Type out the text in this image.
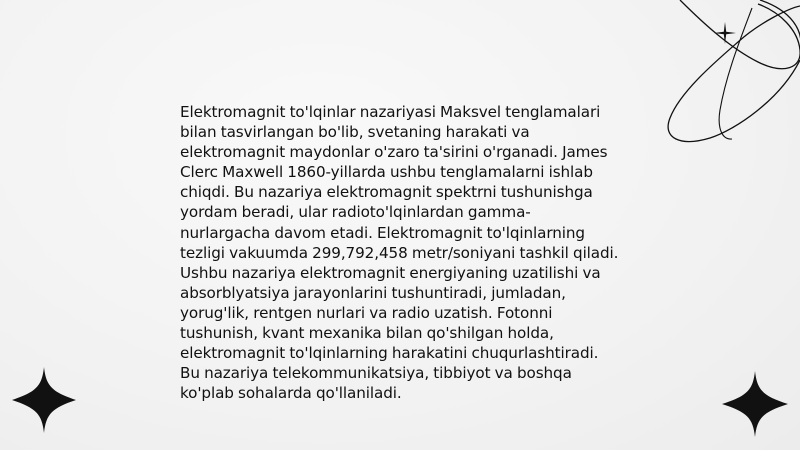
Elektromagnit to'lqinlar nazariyasi Maksvel tenglamalari bilan tasvirlangan bo'lib, svetaning harakati va elektromagnit maydonlar o'zaro ta'sirini o'rganadi. James Clerc Maxwell 1860-yillarda ushbu tenglamalarni ishlab chiqdi. Bu nazariya elektromagnit spektrni tushunishga yordam beradi, ular radioto'lqinlardan gamma-nurlargacha davom etadi. Elektromagnit to'lqinlarning tezligi vakuumda 299,792,458 metr/soniyani tashkil qiladi. Ushbu nazariya elektromagnit energiyaning uzatilishi va absorblyatsiya jarayonlarini tushuntiradi, jumladan, yorug'lik, rentgen nurlari va radio uzatish. Fotonni tushunish, kvant mexanika bilan qo'shilgan holda, elektromagnit to'lqinlarning harakatini chuqurlashtiradi. Bu nazariya telekommunikatsiya, tibbiyot va boshqa ko'plab sohalarda qo'llaniladi.
